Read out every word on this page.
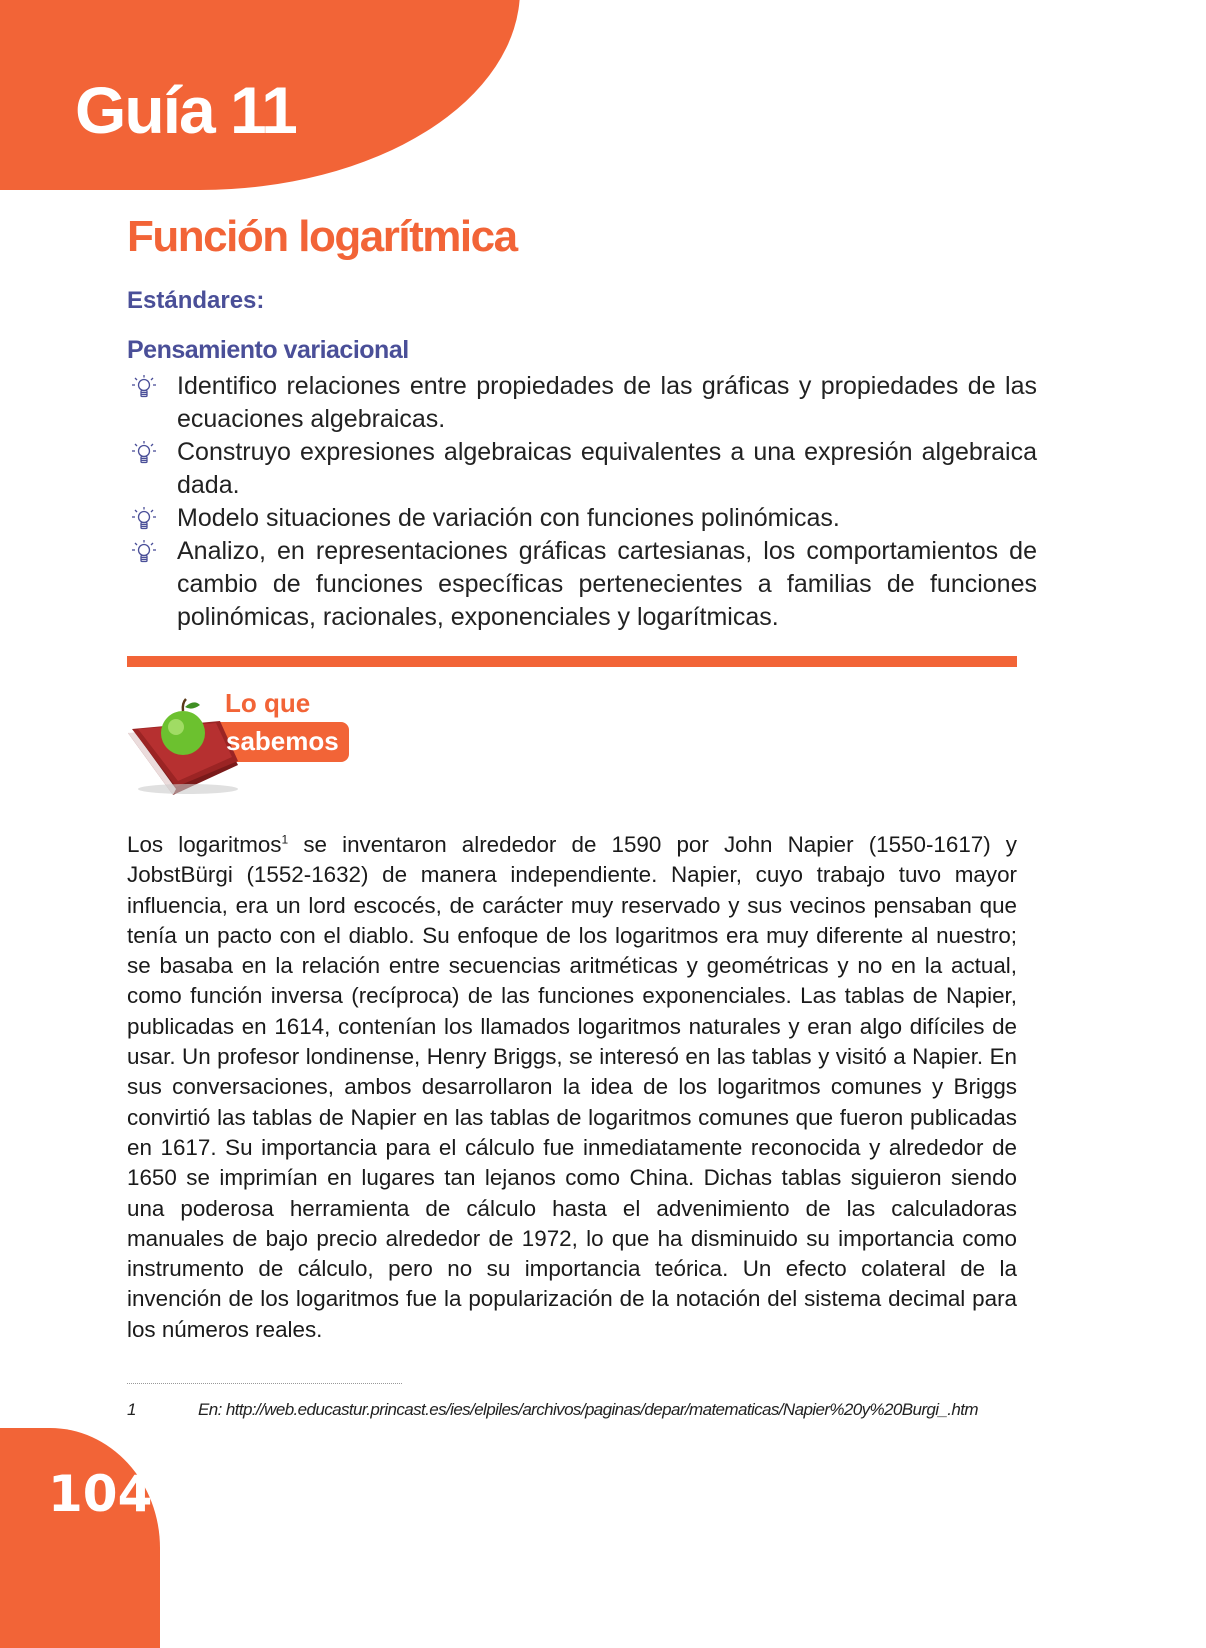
Guía 11
Función logarítmica
Estándares:
Pensamiento variacional
Identifico relaciones entre propiedades de las gráficas y propiedades de las ecuaciones algebraicas.
Construyo expresiones algebraicas equivalentes a una expresión algebraica dada.
Modelo situaciones de variación con funciones polinómicas.
Analizo, en representaciones gráficas cartesianas, los comportamientos de cambio de funciones específicas pertenecientes a familias de funciones polinómicas, racionales, exponenciales y logarítmicas.
Lo que
sabemos

Los logaritmos$^1$ se inventaron alrededor de 1590 por John Napier (1550-1617) y JobstBürgi (1552-1632) de manera independiente. Napier, cuyo trabajo tuvo mayor influencia, era un lord escocés, de carácter muy reservado y sus vecinos pensaban que tenía un pacto con el diablo. Su enfoque de los logaritmos era muy diferente al nuestro; se basaba en la relación entre secuencias aritméticas y geométricas y no en la actual, como función inversa (recíproca) de las funciones exponenciales. Las tablas de Napier, publicadas en 1614, contenían los llamados logaritmos naturales y eran algo difíciles de usar. Un profesor londinense, Henry Briggs, se interesó en las tablas y visitó a Napier. En sus conversaciones, ambos desarrollaron la idea de los logaritmos comunes y Briggs convirtió las tablas de Napier en las tablas de logaritmos comunes que fueron publicadas en 1617. Su importancia para el cálculo fue inmediatamente reconocida y alrededor de 1650 se imprimían en lugares tan lejanos como China. Dichas tablas siguieron siendo una poderosa herramienta de cálculo hasta el advenimiento de las calculadoras manuales de bajo precio alrededor de 1972, lo que ha disminuido su importancia como instrumento de cálculo, pero no su importancia teórica. Un efecto colateral de la invención de los logaritmos fue la popularización de la notación del sistema decimal para los números reales.

1	En: http://web.educastur.princast.es/ies/elpiles/archivos/paginas/depar/matematicas/Napier%20y%20Burgi_.htm
104
